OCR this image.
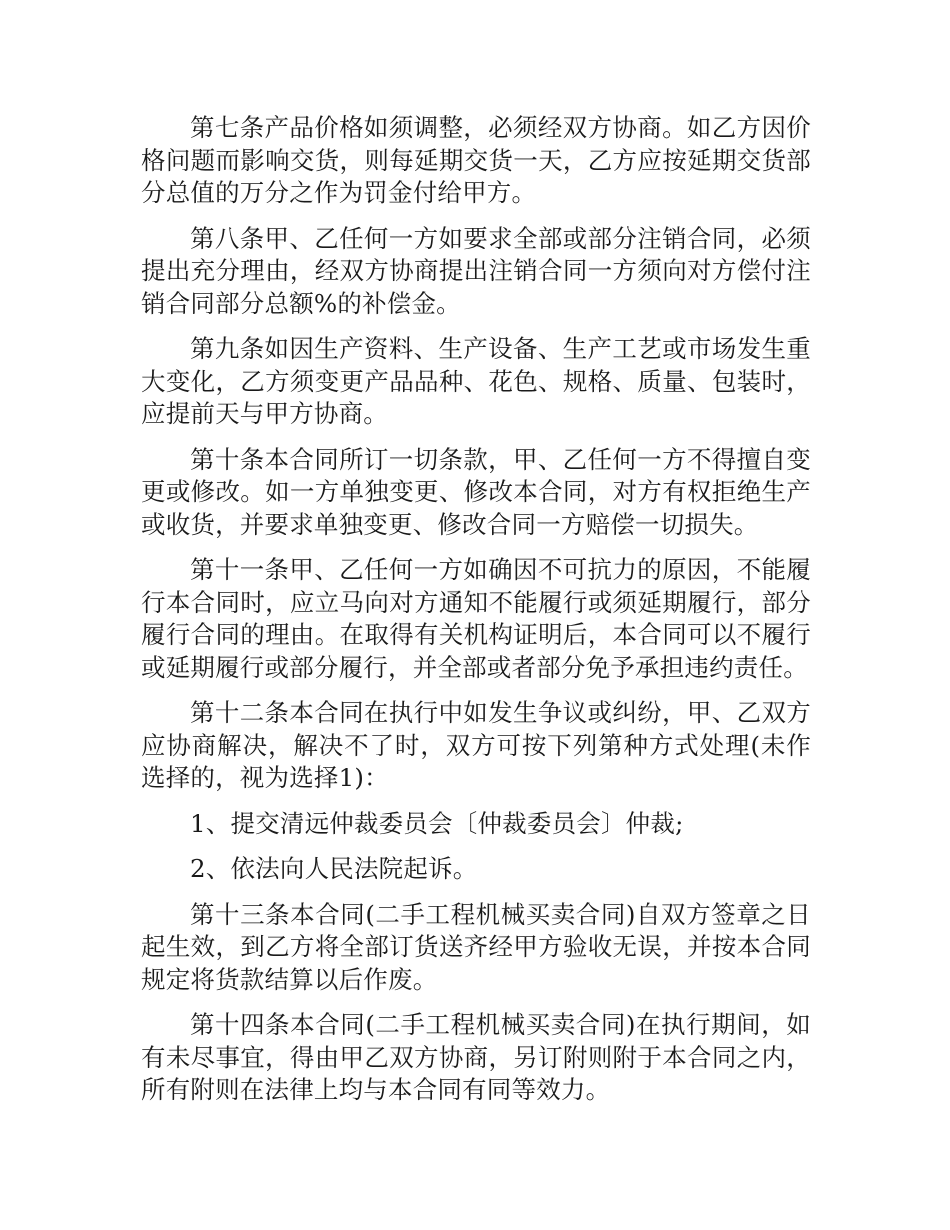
第七条产品价格如须调整，必须经双方协商。如乙方因价格问题而影响交货，则每延期交货一天，乙方应按延期交货部分总值的万分之作为罚金付给甲方。

第八条甲、乙任何一方如要求全部或部分注销合同，必须提出充分理由，经双方协商提出注销合同一方须向对方偿付注销合同部分总额%的补偿金。

第九条如因生产资料、生产设备、生产工艺或市场发生重大变化，乙方须变更产品品种、花色、规格、质量、包装时，应提前天与甲方协商。

第十条本合同所订一切条款，甲、乙任何一方不得擅自变更或修改。如一方单独变更、修改本合同，对方有权拒绝生产或收货，并要求单独变更、修改合同一方赔偿一切损失。

第十一条甲、乙任何一方如确因不可抗力的原因，不能履行本合同时，应立马向对方通知不能履行或须延期履行，部分履行合同的理由。在取得有关机构证明后，本合同可以不履行或延期履行或部分履行，并全部或者部分免予承担违约责任。

第十二条本合同在执行中如发生争议或纠纷，甲、乙双方应协商解决，解决不了时，双方可按下列第种方式处理(未作选择的，视为选择1)：

1、提交清远仲裁委员会〔仲裁委员会〕仲裁;

2、依法向人民法院起诉。

第十三条本合同(二手工程机械买卖合同)自双方签章之日起生效，到乙方将全部订货送齐经甲方验收无误，并按本合同规定将货款结算以后作废。

第十四条本合同(二手工程机械买卖合同)在执行期间，如有未尽事宜，得由甲乙双方协商，另订附则附于本合同之内，所有附则在法律上均与本合同有同等效力。
